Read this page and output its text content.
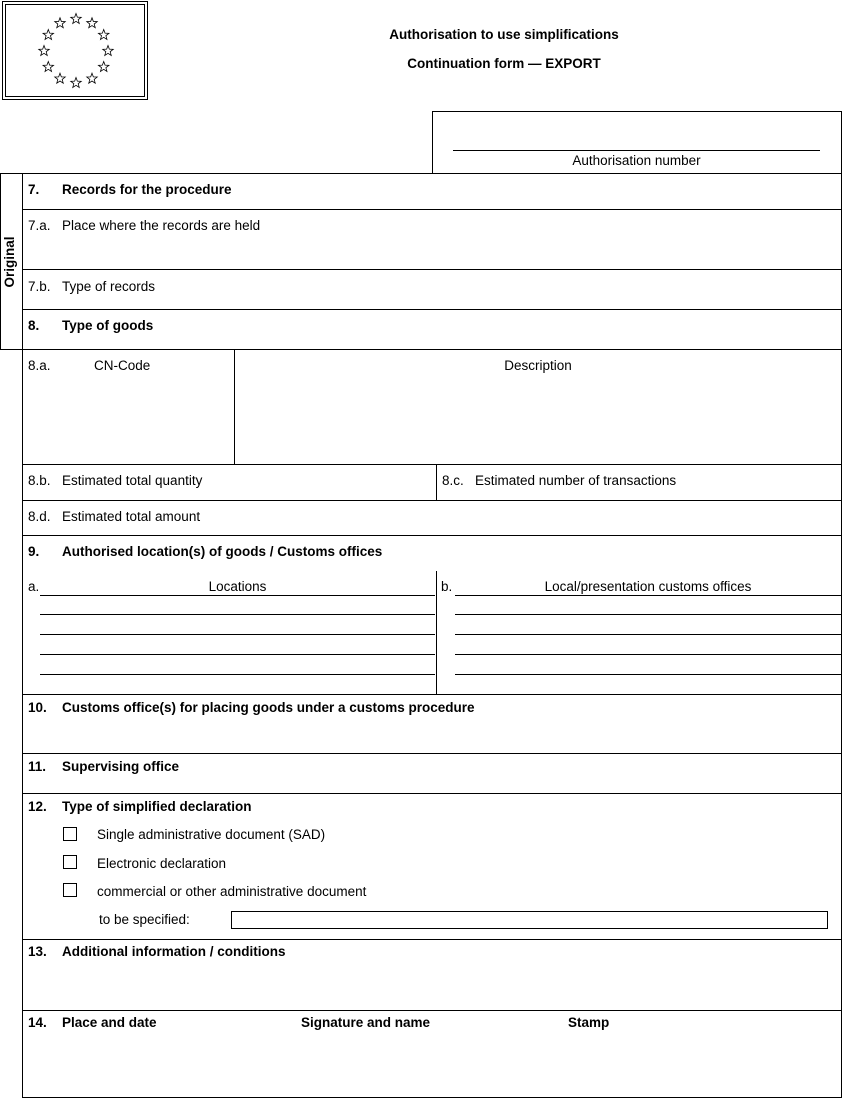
Authorisation to use simplifications
Continuation form — EXPORT
Authorisation number
Original
7. Records for the procedure
7.a. Place where the records are held
7.b. Type of records
8. Type of goods
8.a.	CN-Code	Description
8.b. Estimated total quantity	8.c. Estimated number of transactions
8.d. Estimated total amount
9. Authorised location(s) of goods / Customs offices
a.	Locations	b.	Local/presentation customs offices
10. Customs office(s) for placing goods under a customs procedure
11. Supervising office
12. Type of simplified declaration
Single administrative document (SAD)
Electronic declaration
commercial or other administrative document
to be specified:
13. Additional information / conditions
14. Place and date	Signature and name	Stamp
